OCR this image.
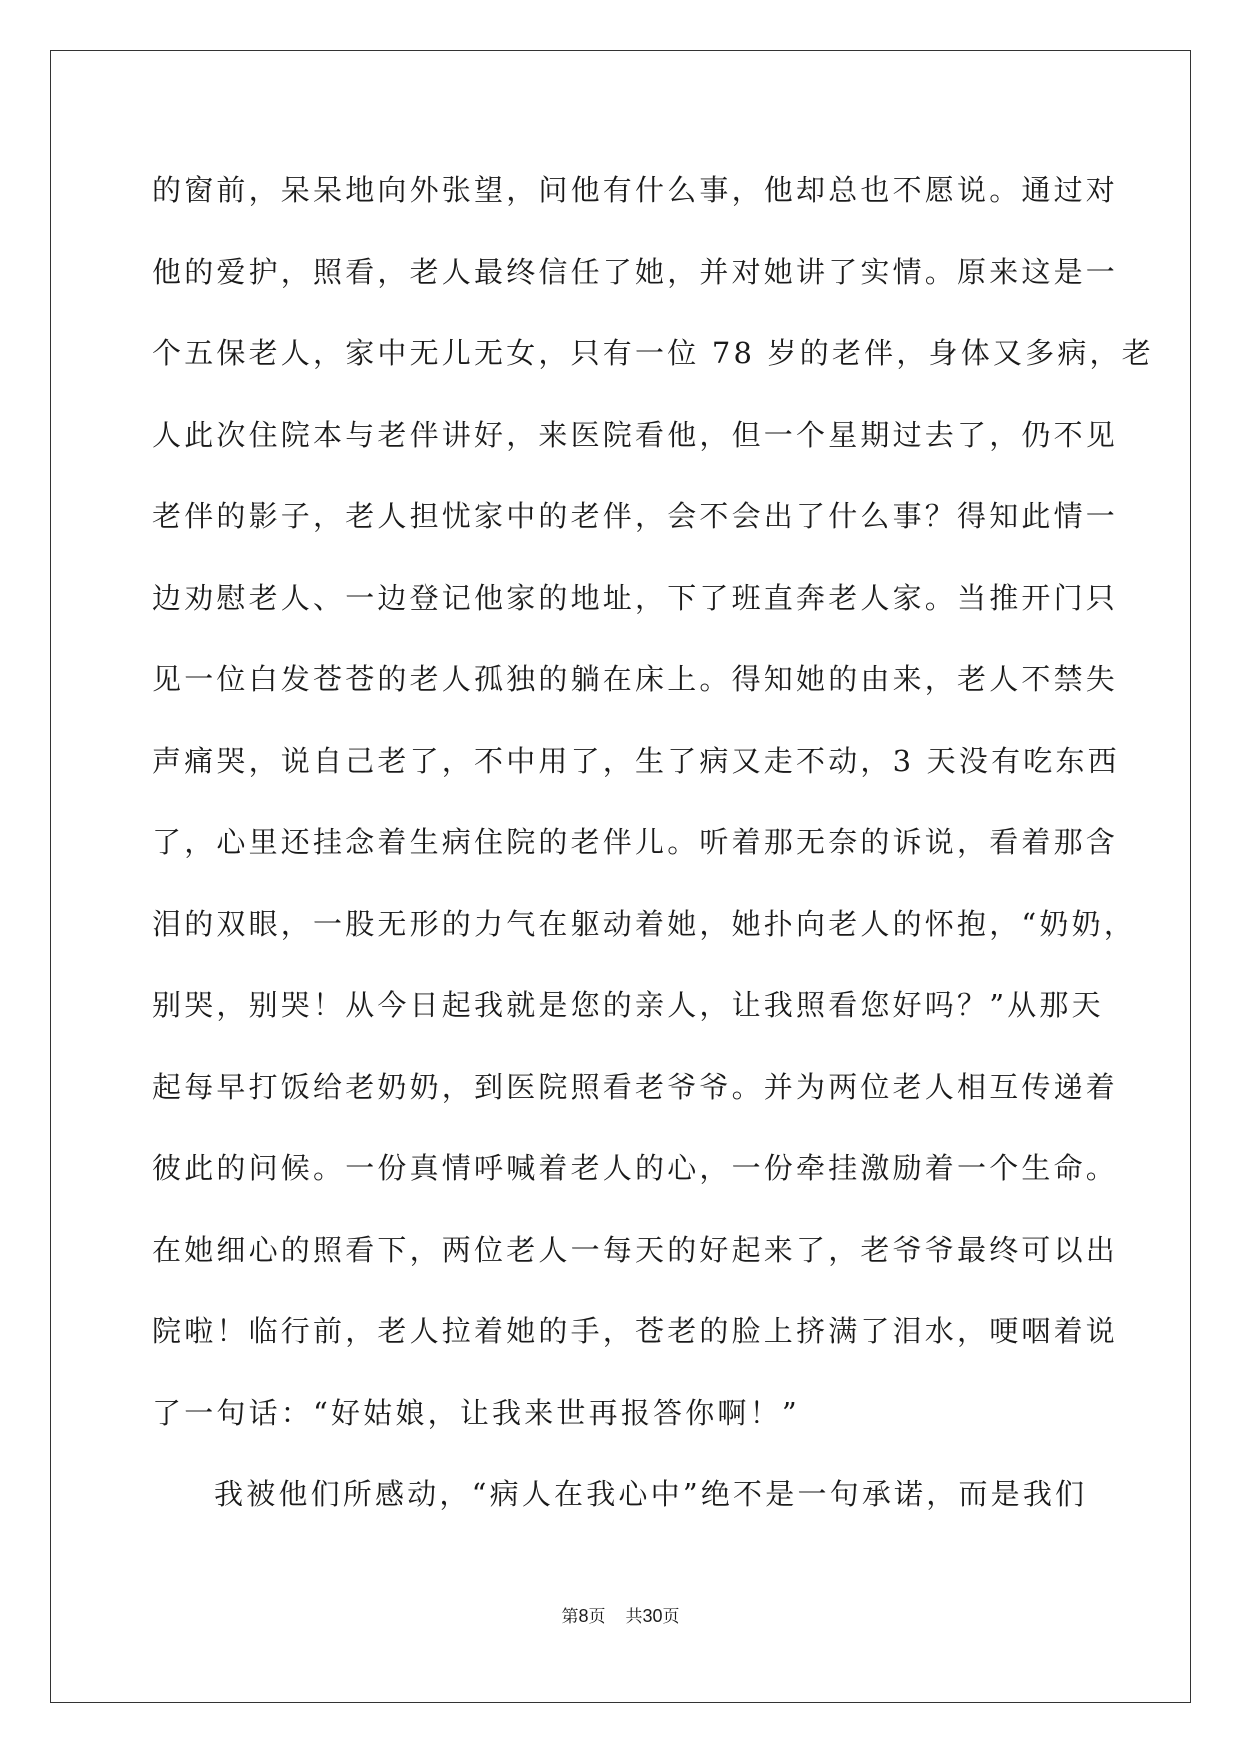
的窗前，呆呆地向外张望，问他有什么事，他却总也不愿说。通过对
他的爱护，照看，老人最终信任了她，并对她讲了实情。原来这是一
个五保老人，家中无儿无女，只有一位 78 岁的老伴，身体又多病，老
人此次住院本与老伴讲好，来医院看他，但一个星期过去了，仍不见
老伴的影子，老人担忧家中的老伴，会不会出了什么事？得知此情一
边劝慰老人、一边登记他家的地址，下了班直奔老人家。当推开门只
见一位白发苍苍的老人孤独的躺在床上。得知她的由来，老人不禁失
声痛哭，说自己老了，不中用了，生了病又走不动，3 天没有吃东西
了，心里还挂念着生病住院的老伴儿。听着那无奈的诉说，看着那含
泪的双眼，一股无形的力气在躯动着她，她扑向老人的怀抱，“奶奶，
别哭，别哭！从今日起我就是您的亲人，让我照看您好吗？”从那天
起每早打饭给老奶奶，到医院照看老爷爷。并为两位老人相互传递着
彼此的问候。一份真情呼喊着老人的心，一份牵挂激励着一个生命。
在她细心的照看下，两位老人一每天的好起来了，老爷爷最终可以出
院啦！临行前，老人拉着她的手，苍老的脸上挤满了泪水，哽咽着说
了一句话：“好姑娘，让我来世再报答你啊！”
我被他们所感动，“病人在我心中”绝不是一句承诺，而是我们
第8页 共30页
